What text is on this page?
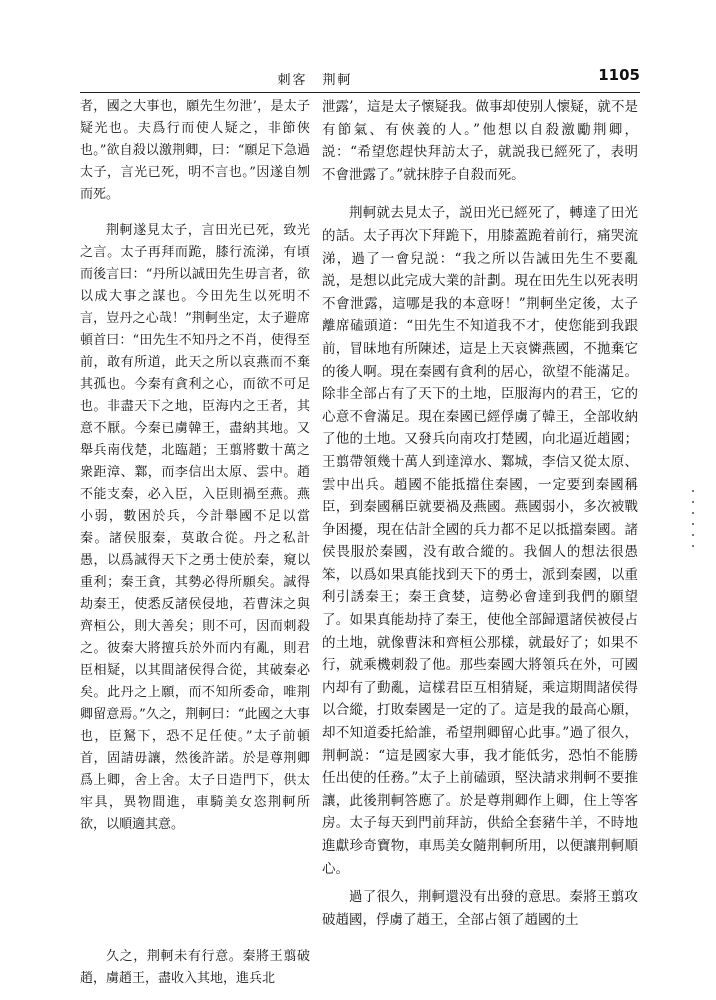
刺客　荆軻	1105

者，國之大事也，願先生勿泄’，是太子疑光也。夫爲行而使人疑之，非節俠也。”欲自殺以激荆卿，曰：“願足下急過太子，言光已死，明不言也。”因遂自刎而死。

荆軻遂見太子，言田光已死，致光之言。太子再拜而跪，膝行流涕，有頃而後言曰：“丹所以誠田先生毋言者，欲以成大事之謀也。今田先生以死明不言，豈丹之心哉！”荆軻坐定，太子避席頓首曰：“田先生不知丹之不肖，使得至前，敢有所道，此天之所以哀燕而不棄其孤也。今秦有貪利之心，而欲不可足也。非盡天下之地，臣海内之王者，其意不厭。今秦已虜韓王，盡納其地。又舉兵南伐楚，北臨趙；王翦將數十萬之衆距漳、鄴，而李信出太原、雲中。趙不能支秦，必入臣，入臣則禍至燕。燕小弱，數困於兵，今計舉國不足以當秦。諸侯服秦，莫敢合從。丹之私計愚，以爲誠得天下之勇士使於秦，窺以重利；秦王貪，其勢必得所願矣。誠得劫秦王，使悉反諸侯侵地，若曹沫之與齊桓公，則大善矣；則不可，因而刺殺之。彼秦大將擅兵於外而内有亂，則君臣相疑，以其間諸侯得合從，其破秦必矣。此丹之上願，而不知所委命，唯荆卿留意焉。”久之，荆軻曰：“此國之大事也，臣駑下，恐不足任使。”太子前頓首，固請毋讓，然後許諾。於是尊荆卿爲上卿，舍上舍。太子日造門下，供太牢具，異物間進，車騎美女恣荆軻所欲，以順適其意。

久之，荆軻未有行意。秦將王翦破趙，虜趙王，盡收入其地，進兵北

泄露’，這是太子懷疑我。做事却使别人懷疑，就不是有節氣、有俠義的人。”他想以自殺激勵荆卿，説：“希望您趕快拜訪太子，就説我已經死了，表明不會泄露了。”就抹脖子自殺而死。

荆軻就去見太子，説田光已經死了，轉達了田光的話。太子再次下拜跪下，用膝蓋跪着前行，痛哭流涕，過了一會兒説：“我之所以告誡田先生不要亂説，是想以此完成大業的計劃。現在田先生以死表明不會泄露，這哪是我的本意呀！”荆軻坐定後，太子離席磕頭道：“田先生不知道我不才，使您能到我跟前，冒昧地有所陳述，這是上天哀憐燕國，不拋棄它的後人啊。現在秦國有貪利的居心，欲望不能滿足。除非全部占有了天下的土地，臣服海内的君王，它的心意不會滿足。現在秦國已經俘虜了韓王，全部收納了他的土地。又發兵向南攻打楚國，向北逼近趙國；王翦帶領幾十萬人到達漳水、鄴城，李信又從太原、雲中出兵。趙國不能抵擋住秦國，一定要到秦國稱臣，到秦國稱臣就要禍及燕國。燕國弱小，多次被戰争困擾，現在估計全國的兵力都不足以抵擋秦國。諸侯畏服於秦國，没有敢合縱的。我個人的想法很愚笨，以爲如果真能找到天下的勇士，派到秦國，以重利引誘秦王；秦王貪婪，這勢必會達到我們的願望了。如果真能劫持了秦王，使他全部歸還諸侯被侵占的土地，就像曹沫和齊桓公那樣，就最好了；如果不行，就乘機刺殺了他。那些秦國大將領兵在外，可國内却有了動亂，這樣君臣互相猜疑，乘這期間諸侯得以合縱，打敗秦國是一定的了。這是我的最高心願，却不知道委托給誰，希望荆卿留心此事。”過了很久，荆軻説：“這是國家大事，我才能低劣，恐怕不能勝任出使的任務。”太子上前磕頭，堅決請求荆軻不要推讓，此後荆軻答應了。於是尊荆卿作上卿，住上等客房。太子每天到門前拜訪，供給全套豬牛羊，不時地進獻珍奇寶物，車馬美女隨荆軻所用，以便讓荆軻順心。

過了很久，荆軻還没有出發的意思。秦將王翦攻破趙國，俘虜了趙王，全部占領了趙國的土
